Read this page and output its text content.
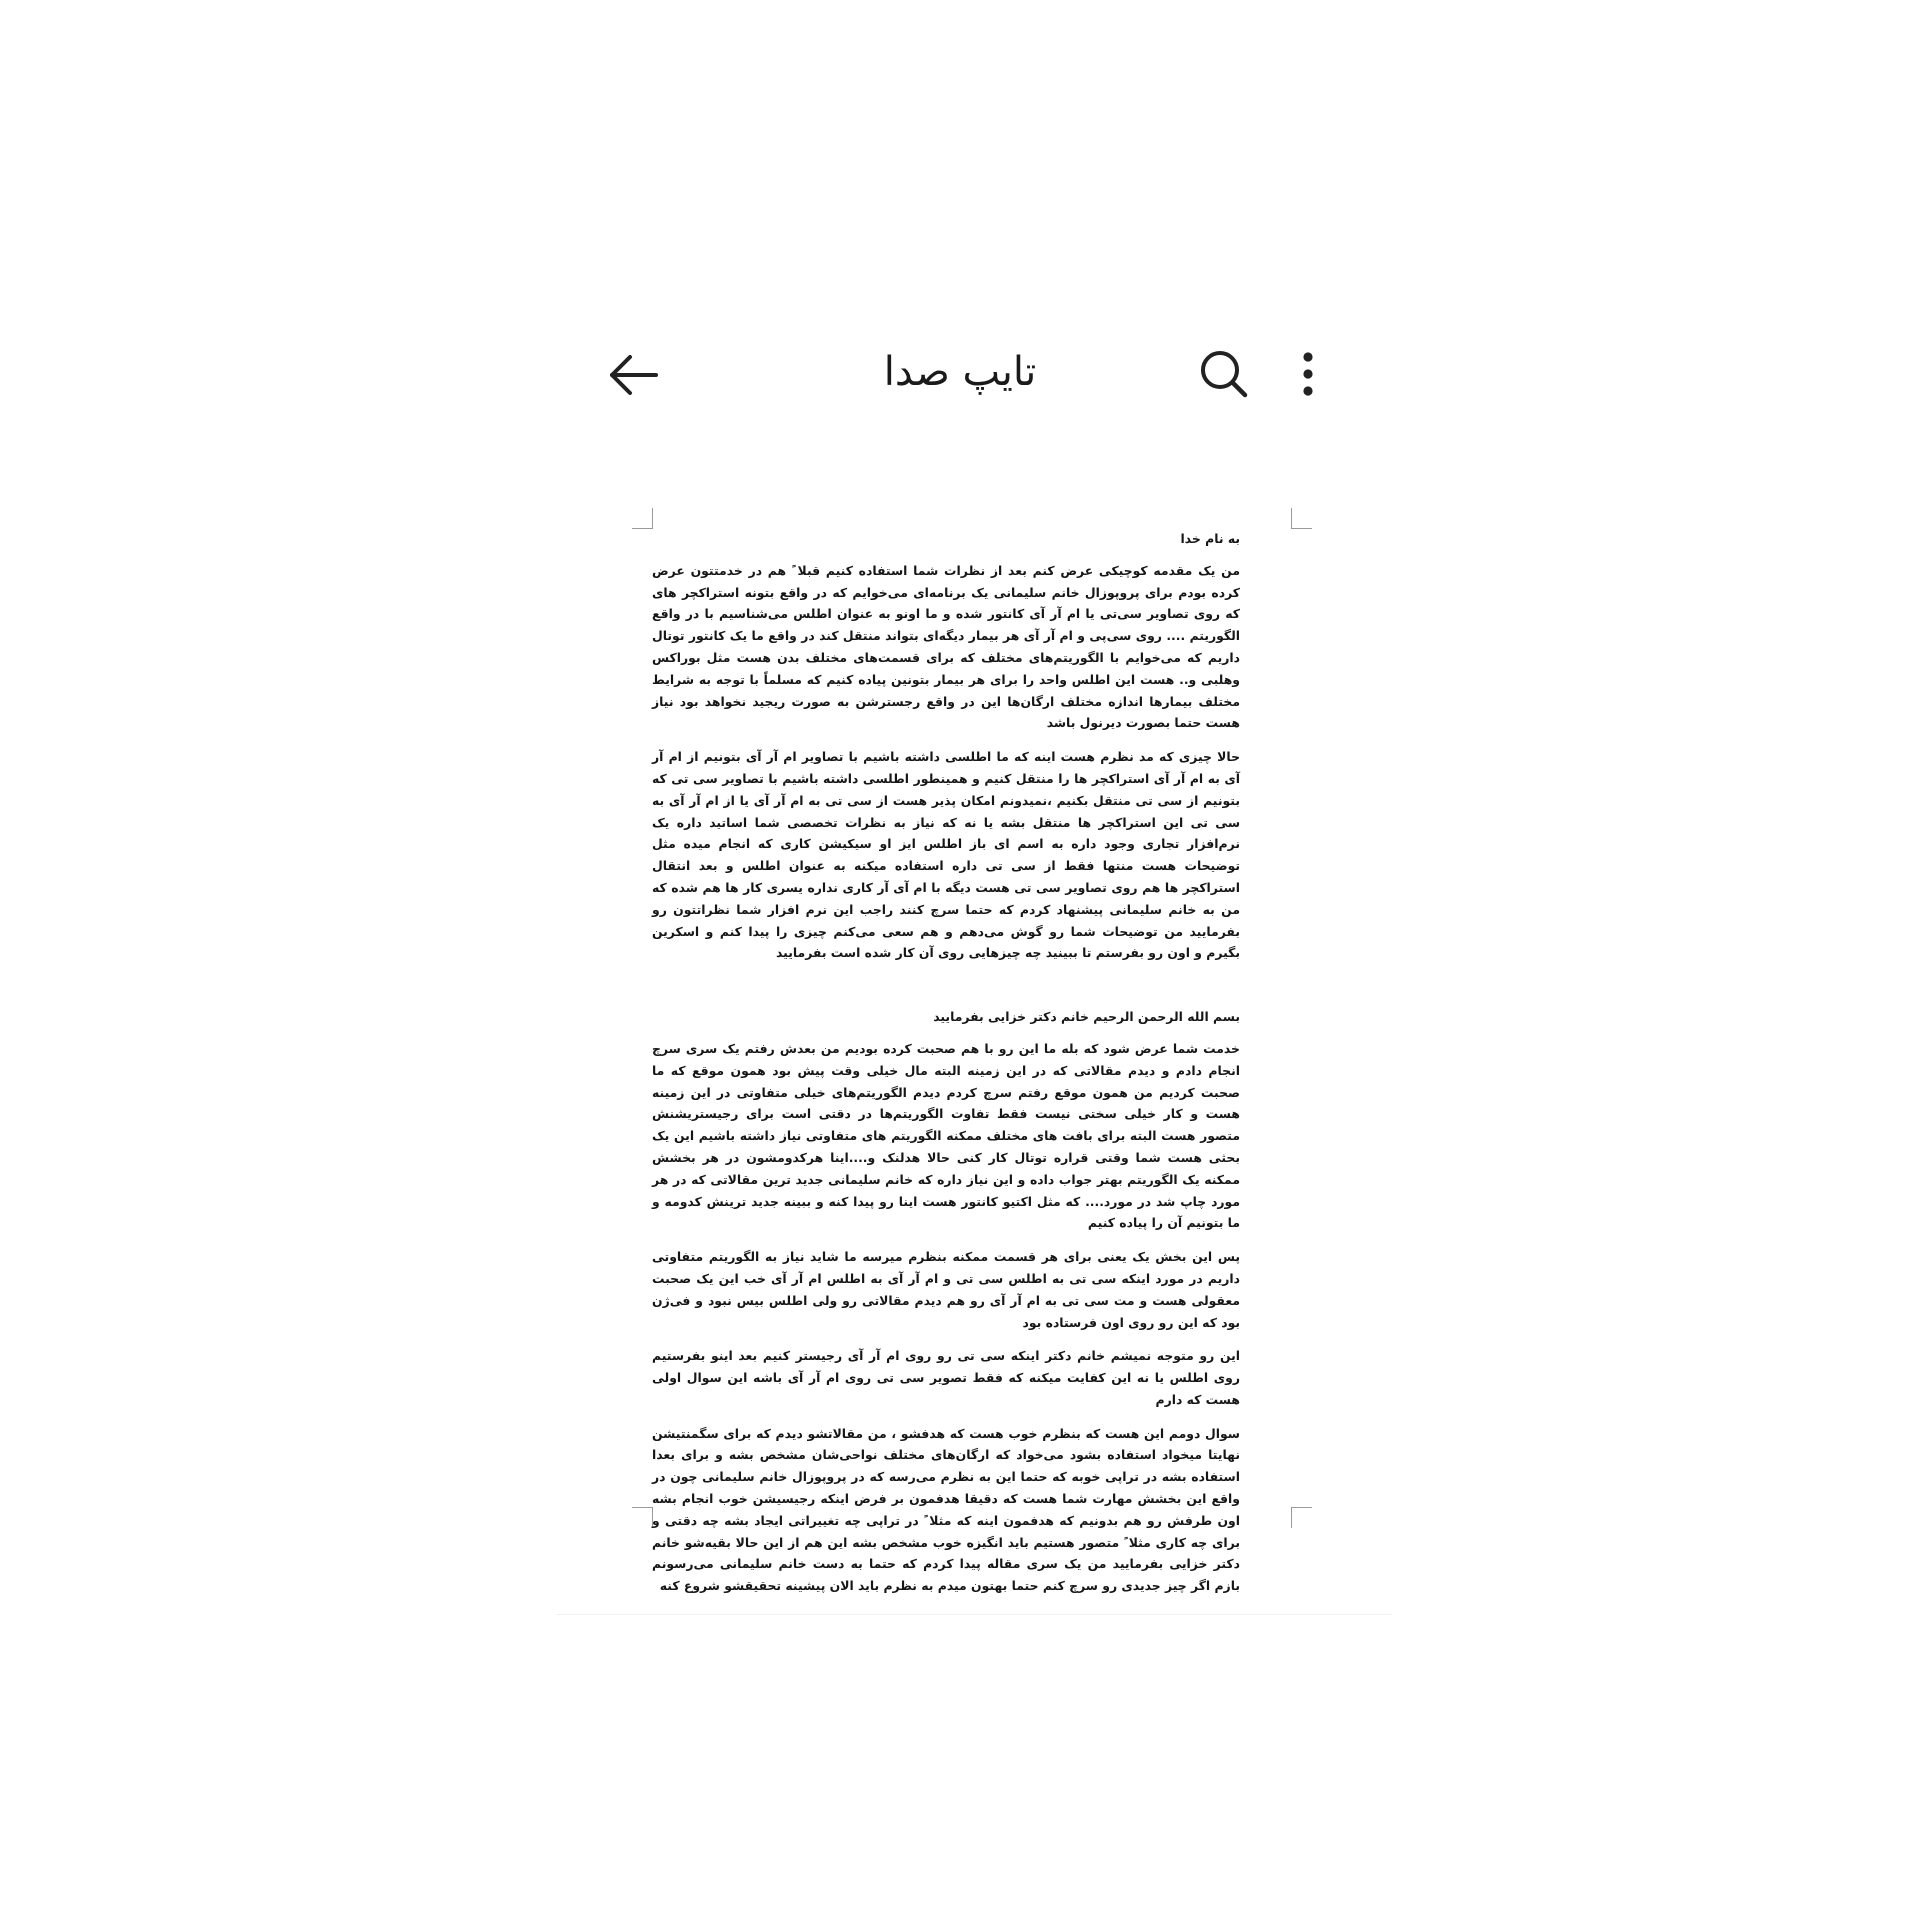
تایپ صدا

به نام خدا

من یک مقدمه کوچیکی عرض کنم بعد از نظرات شما استفاده کنیم قبلا ً هم در خدمتتون عرض کرده بودم برای پروپوزال خانم سلیمانی یک برنامه‌ای می‌خوایم که در واقع بتونه استراکچر های که روی تصاویر سی‌تی یا ام آر آی کانتور شده و ما اونو به عنوان اطلس می‌شناسیم با در واقع الگوریتم .... روی سی‌پی و ام آر آی هر بیمار دیگه‌ای بتواند منتقل کند در واقع ما یک کانتور توتال داریم که می‌خوایم با الگوریتم‌های مختلف که برای قسمت‌های مختلف بدن هست مثل بوراکس وهلبی و.. هست این اطلس واحد را برای هر بیمار بتونین پیاده کنیم که مسلماً با توجه به شرایط مختلف بیمارها اندازه مختلف ارگان‌ها این در واقع رجسترشن به صورت ریجید نخواهد بود نیاز هست حتما بصورت دیرنول باشد

حالا چیزی که مد نظرم هست اینه که ما اطلسی داشته باشیم با تصاویر ام آر آی بتونیم از ام آر آی به ام آر آی استراکچر ها را منتقل کنیم و همینطور اطلسی داشته باشیم با تصاویر سی تی که بتونیم از سی تی منتقل بکنیم ،نمیدونم امکان پذیر هست از سی تی به ام آر آی یا از ام آر آی به سی تی این استراکچر ها منتقل بشه یا نه که نیاز به نظرات تخصصی شما اساتید داره یک نرم‌افزار تجاری وجود داره به اسم ای باز اطلس ایز او سیکیشن کاری که انجام میده مثل توضیحات هست منتها فقط از سی تی داره استفاده میکنه به عنوان اطلس و بعد انتقال استراکچر ها هم روی تصاویر سی تی هست دیگه با ام آی آر کاری نداره یسری کار ها هم شده که من به خانم سلیمانی پیشنهاد کردم که حتما سرچ کنند راجب این نرم افزار شما نظراتتون رو بفرمایید من توضیحات شما رو گوش می‌دهم و هم سعی می‌کنم چیزی را پیدا کنم و اسکرین بگیرم و اون رو بفرستم تا ببینید چه چیزهایی روی آن کار شده است بفرمایید

بسم الله الرحمن الرحیم خانم دکتر خزایی بفرمایید

خدمت شما عرض شود که بله ما این رو با هم صحبت کرده بودیم من بعدش رفتم یک سری سرچ انجام دادم و دیدم مقالاتی که در این زمینه البته مال خیلی وقت پیش بود همون موقع که ما صحبت کردیم من همون موقع رفتم سرچ کردم دیدم الگوریتم‌های خیلی متفاوتی در این زمینه هست و کار خیلی سختی نیست فقط تفاوت الگوریتم‌ها در دقتی است برای رجیستریشنش متصور هست البته برای بافت های مختلف ممکنه الگوریتم های متفاوتی نیاز داشته باشیم این یک بحثی هست شما وقتی قراره توتال کار کنی حالا هدلنک و....اینا هرکدومشون در هر بخشش ممکنه یک الگوریتم بهتر جواب داده و این نیاز داره که خانم سلیمانی جدید ترین مقالاتی که در هر مورد چاپ شد در مورد.... که مثل اکتیو کانتور هست اینا رو پیدا کنه و ببینه جدید ترینش کدومه و ما بتونیم آن را پیاده کنیم

پس این بخش یک یعنی برای هر قسمت ممکنه بنظرم میرسه ما شاید نیاز به الگوریتم متفاوتی داریم در مورد اینکه سی تی به اطلس سی تی و ام آر آی به اطلس ام آر آی خب این یک صحبت معقولی هست و مت سی تی به ام آر آی رو هم دیدم مقالاتی رو ولی اطلس بیس نبود و فی‌ژن بود که این رو روی اون فرستاده بود

این رو متوجه نمیشم خانم دکتر اینکه سی تی رو روی ام آر آی رجیستر کنیم بعد اینو بفرستیم روی اطلس یا نه این کفایت میکنه که فقط تصویر سی تی روی ام آر آی باشه این سوال اولی هست که دارم

سوال دومم این هست که بنظرم خوب هست که هدفشو ، من مقالاتشو دیدم که برای سگمنتیشن نهایتا میخواد استفاده بشود می‌خواد که ارگان‌های مختلف نواحی‌شان مشخص بشه و برای بعدا استفاده بشه در تراپی خوبه که حتما این به نظرم می‌رسه که در پروپوزال خانم سلیمانی چون در واقع این بخشش مهارت شما هست که دقیقا هدفمون بر فرض اینکه رجیسیشن خوب انجام بشه اون طرفش رو هم بدونیم که هدفمون اینه که مثلا ً در تراپی چه تغییراتی ایجاد بشه چه دقتی و برای چه کاری مثلا ً متصور هستیم باید انگیزه خوب مشخص بشه این هم از این حالا بقیه‌شو خانم دکتر خزایی بفرمایید من یک سری مقاله پیدا کردم که حتما به دست خانم سلیمانی می‌رسونم بازم اگر چیز جدیدی رو سرچ کنم حتما بهتون میدم به نظرم باید الان پیشینه تحقیقشو شروع کنه
